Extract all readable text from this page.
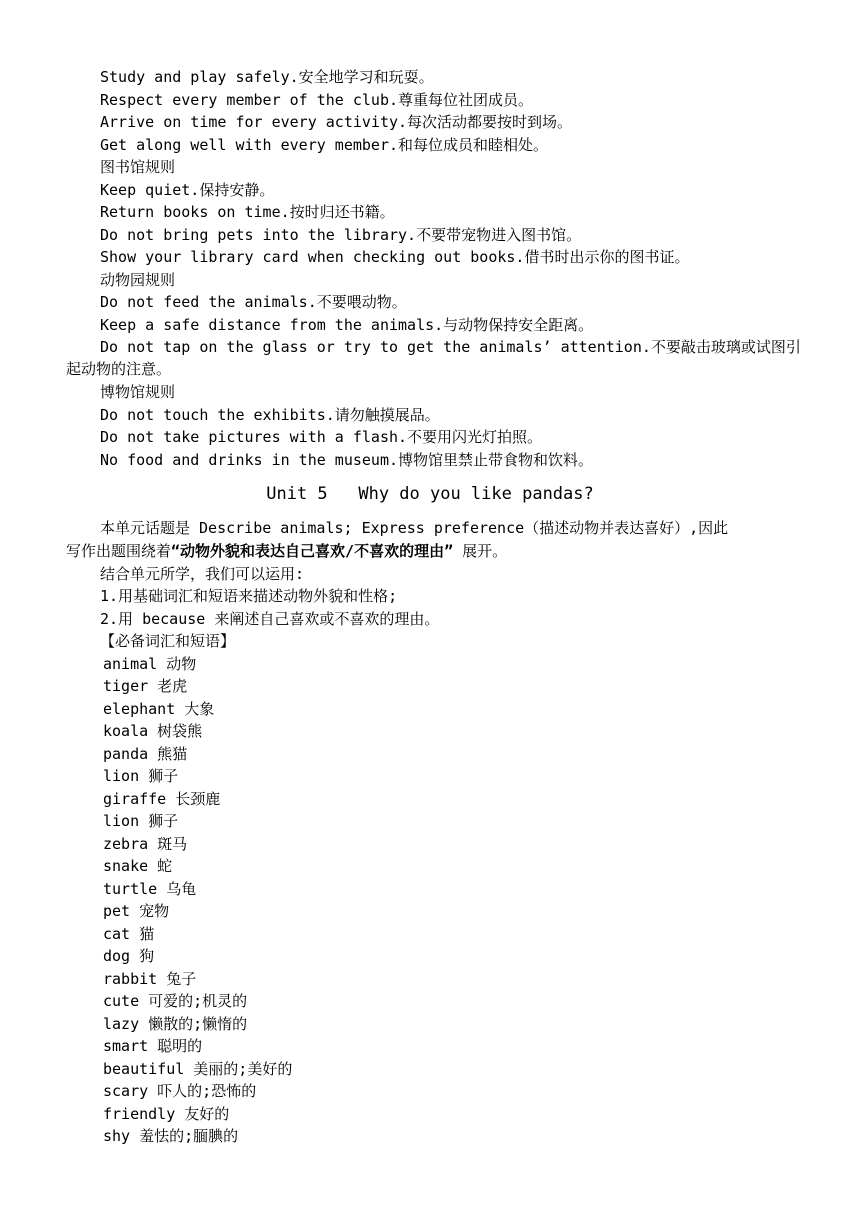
Study and play safely.安全地学习和玩耍。
Respect every member of the club.尊重每位社团成员。
Arrive on time for every activity.每次活动都要按时到场。
Get along well with every member.和每位成员和睦相处。
图书馆规则
Keep quiet.保持安静。
Return books on time.按时归还书籍。
Do not bring pets into the library.不要带宠物进入图书馆。
Show your library card when checking out books.借书时出示你的图书证。
动物园规则
Do not feed the animals.不要喂动物。
Keep a safe distance from the animals.与动物保持安全距离。
Do not tap on the glass or try to get the animals’ attention.不要敲击玻璃或试图引
起动物的注意。
博物馆规则
Do not touch the exhibits.请勿触摸展品。
Do not take pictures with a flash.不要用闪光灯拍照。
No food and drinks in the museum.博物馆里禁止带食物和饮料。
Unit 5   Why do you like pandas?
本单元话题是 Describe animals; Express preference（描述动物并表达喜好）,因此
写作出题围绕着“动物外貌和表达自己喜欢/不喜欢的理由” 展开。
结合单元所学，我们可以运用:
1.用基础词汇和短语来描述动物外貌和性格;
2.用 because 来阐述自己喜欢或不喜欢的理由。
【必备词汇和短语】
animal 动物
tiger 老虎
elephant 大象
koala 树袋熊
panda 熊猫
lion 狮子
giraffe 长颈鹿
lion 狮子
zebra 斑马
snake 蛇
turtle 乌龟
pet 宠物
cat 猫
dog 狗
rabbit 兔子
cute 可爱的;机灵的
lazy 懒散的;懒惰的
smart 聪明的
beautiful 美丽的;美好的
scary 吓人的;恐怖的
friendly 友好的
shy 羞怯的;腼腆的
